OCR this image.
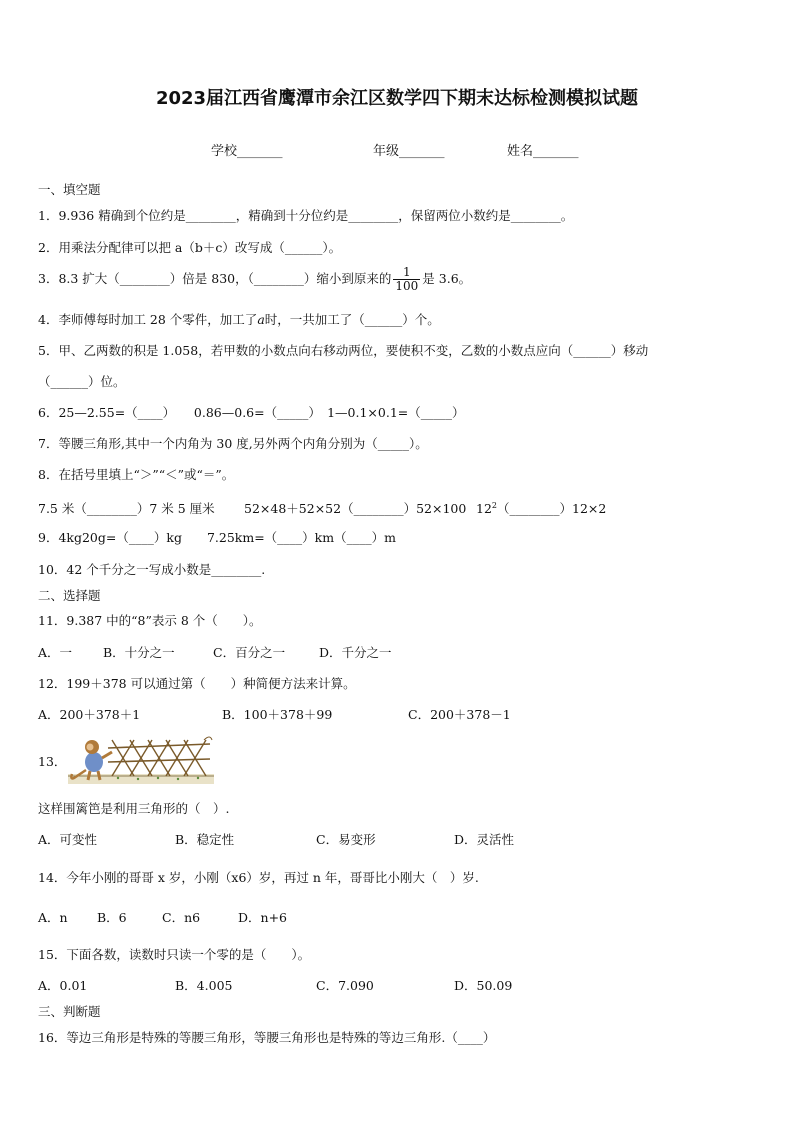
2023届江西省鹰潭市余江区数学四下期末达标检测模拟试题
学校_______	年级_______	姓名_______
一、填空题
1．9.936 精确到个位约是________，精确到十分位约是________，保留两位小数约是________。
2．用乘法分配律可以把 a（b＋c）改写成（______）。
3．8.3 扩大（________）倍是 830，（________）缩小到原来的 $\frac{1}{100}$ 是 3.6。
4．李师傅每时加工 28 个零件，加工了a时，一共加工了（______）个。
5．甲、乙两数的积是 1.058，若甲数的小数点向右移动两位，要使积不变，乙数的小数点应向（______）移动
（______）位。
6．25—2.55=（____）　　0.86—0.6=（_____）　1—0.1×0.1=（_____）
7．等腰三角形,其中一个内角为 30 度,另外两个内角分别为（_____）。
8．在括号里填上“＞”“＜”或“＝”。
7.5 米（________）7 米 5 厘米 52×48＋52×52（________）52×100 $12^2(\_\_\_\_\_\_\_\_)12\times 2$
9．4kg20g=（____）kg　　7.25km=（____）km（____）m
10．42 个千分之一写成小数是________.
二、选择题
11．9.387 中的“8”表示 8 个（　　）。
A．一 B．十分之一	C．百分之一	D．千分之一
12．199＋378 可以通过第（　　）种简便方法来计算。
A．200＋378＋1	B．100＋378＋99	C．200＋378－1
13．
这样围篱笆是利用三角形的（　）.
A．可变性	B．稳定性	C．易变形	D．灵活性
14．今年小刚的哥哥 x 岁，小刚（x6）岁，再过 n 年，哥哥比小刚大（　）岁.
A．n B．6	C．n6	D．n+6
15．下面各数，读数时只读一个零的是（　　）。
A．0.01	B．4.005	C．7.090	D．50.09
三、判断题
16．等边三角形是特殊的等腰三角形，等腰三角形也是特殊的等边三角形.（____）
